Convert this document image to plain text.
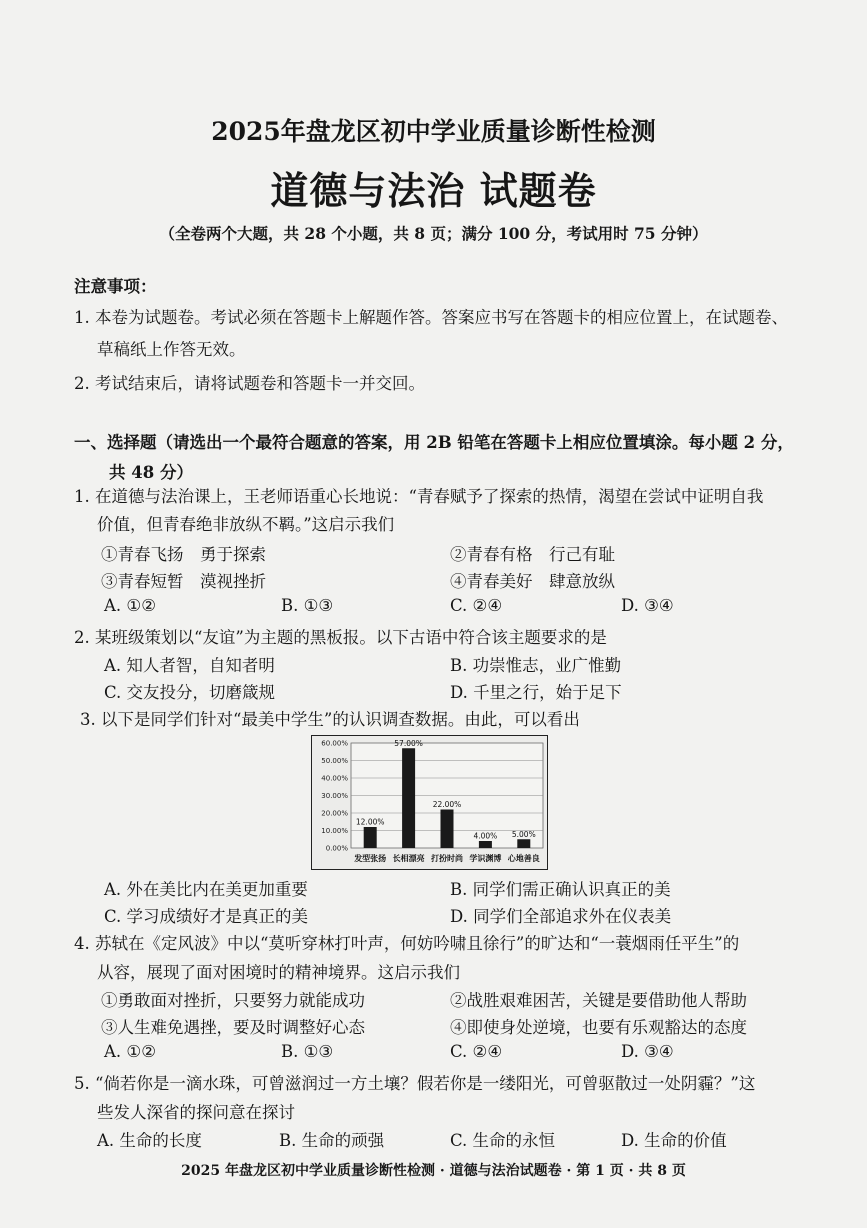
2025年盘龙区初中学业质量诊断性检测
道德与法治 试题卷
（全卷两个大题，共 28 个小题，共 8 页；满分 100 分，考试用时 75 分钟）
注意事项：
1. 本卷为试题卷。考试必须在答题卡上解题作答。答案应书写在答题卡的相应位置上，在试题卷、
草稿纸上作答无效。
2. 考试结束后，请将试题卷和答题卡一并交回。
一、选择题（请选出一个最符合题意的答案，用 2B 铅笔在答题卡上相应位置填涂。每小题 2 分，
共 48 分）
1. 在道德与法治课上，王老师语重心长地说：“青春赋予了探索的热情，渴望在尝试中证明自我
价值，但青春绝非放纵不羁。”这启示我们
①青春飞扬　勇于探索	②青春有格　行己有耻
③青春短暂　漠视挫折	④青春美好　肆意放纵
A. ①②	B. ①③	C. ②④	D. ③④
2. 某班级策划以“友谊”为主题的黑板报。以下古语中符合该主题要求的是
A. 知人者智，自知者明	B. 功崇惟志，业广惟勤
C. 交友投分，切磨箴规	D. 千里之行，始于足下
3. 以下是同学们针对“最美中学生”的认识调查数据。由此，可以看出
0.00%
10.00%
20.00%
30.00%
40.00%
50.00%
60.00%
12.00%
发型张扬
57.00%
长相漂亮
22.00%
打扮时尚
4.00%
学识渊博
5.00%
心地善良
A. 外在美比内在美更加重要	B. 同学们需正确认识真正的美
C. 学习成绩好才是真正的美	D. 同学们全部追求外在仪表美
4. 苏轼在《定风波》中以“莫听穿林打叶声，何妨吟啸且徐行”的旷达和“一蓑烟雨任平生”的
从容，展现了面对困境时的精神境界。这启示我们
①勇敢面对挫折，只要努力就能成功	②战胜艰难困苦，关键是要借助他人帮助
③人生难免遇挫，要及时调整好心态	④即使身处逆境，也要有乐观豁达的态度
A. ①②	B. ①③	C. ②④	D. ③④
5. “倘若你是一滴水珠，可曾滋润过一方土壤？假若你是一缕阳光，可曾驱散过一处阴霾？”这
些发人深省的探问意在探讨
A. 生命的长度	B. 生命的顽强	C. 生命的永恒	D. 生命的价值
2025 年盘龙区初中学业质量诊断性检测 · 道德与法治试题卷 · 第 1 页 · 共 8 页
